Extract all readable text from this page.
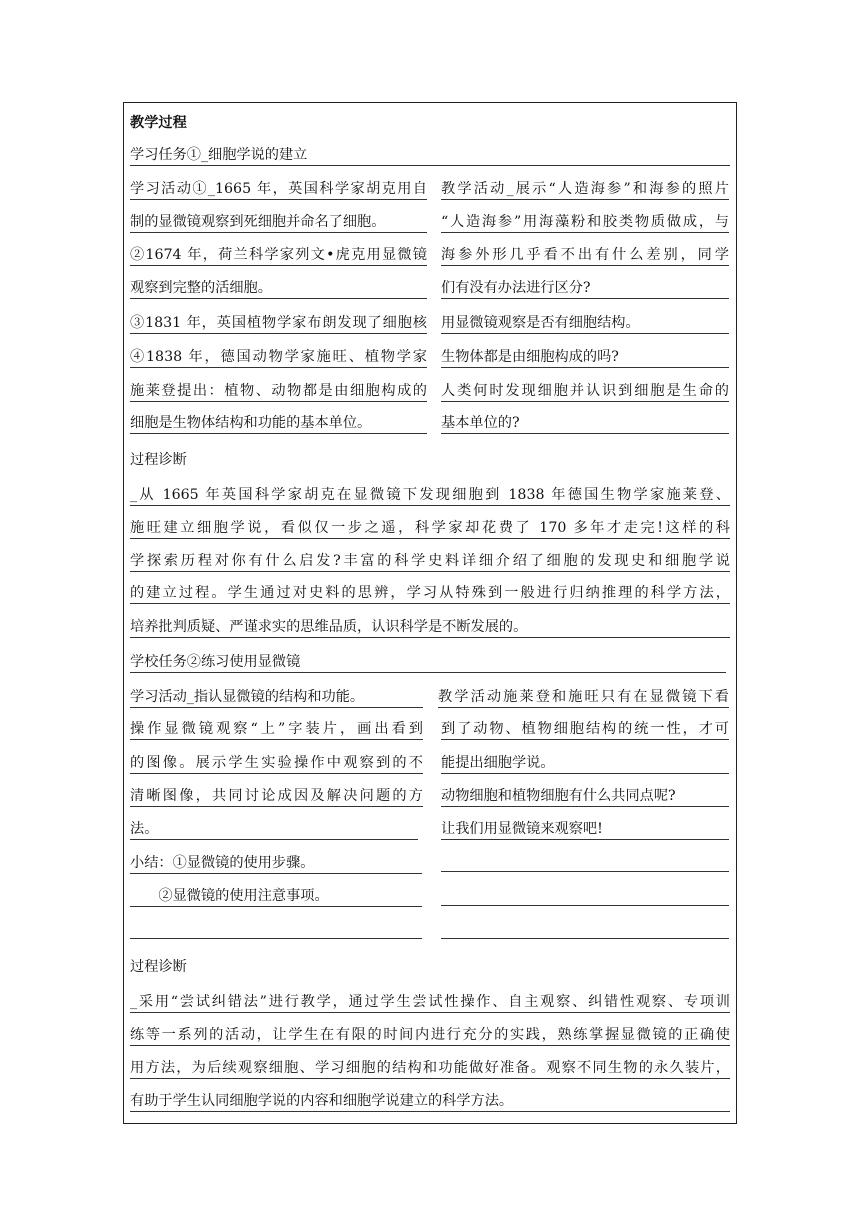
教学过程
学习任务①_细胞学说的建立
学习活动①_1665 年，英国科学家胡克用自
制的显微镜观察到死细胞并命名了细胞。
②1674 年，荷兰科学家列文•虎克用显微镜
观察到完整的活细胞。
③1831 年，英国植物学家布朗发现了细胞核
④1838 年，德国动物学家施旺、植物学家
施莱登提出：植物、动物都是由细胞构成的
细胞是生物体结构和功能的基本单位。
教学活动_展示“人造海参”和海参的照片
“人造海参”用海藻粉和胶类物质做成，与
海参外形几乎看不出有什么差别，同学
们有没有办法进行区分?
用显微镜观察是否有细胞结构。
生物体都是由细胞构成的吗?
人类何时发现细胞并认识到细胞是生命的
基本单位的?
过程诊断
_从 1665 年英国科学家胡克在显微镜下发现细胞到 1838 年德国生物学家施莱登、
施旺建立细胞学说，看似仅一步之遥，科学家却花费了 170 多年才走完!这样的科
学探索历程对你有什么启发?丰富的科学史料详细介绍了细胞的发现史和细胞学说
的建立过程。学生通过对史料的思辨，学习从特殊到一般进行归纳推理的科学方法，
培养批判质疑、严谨求实的思维品质，认识科学是不断发展的。
学校任务②练习使用显微镜
学习活动_指认显微镜的结构和功能。
操作显微镜观察“上”字装片，画出看到
的图像。展示学生实验操作中观察到的不
清晰图像，共同讨论成因及解决问题的方
法。
小结：①显微镜的使用步骤。
　　②显微镜的使用注意事项。
教学活动施莱登和施旺只有在显微镜下看
到了动物、植物细胞结构的统一性，才可
能提出细胞学说。
动物细胞和植物细胞有什么共同点呢?
让我们用显微镜来观察吧!
过程诊断
_采用“尝试纠错法”进行教学，通过学生尝试性操作、自主观察、纠错性观察、专项训
练等一系列的活动，让学生在有限的时间内进行充分的实践，熟练掌握显微镜的正确使
用方法，为后续观察细胞、学习细胞的结构和功能做好准备。观察不同生物的永久装片，
有助于学生认同细胞学说的内容和细胞学说建立的科学方法。
